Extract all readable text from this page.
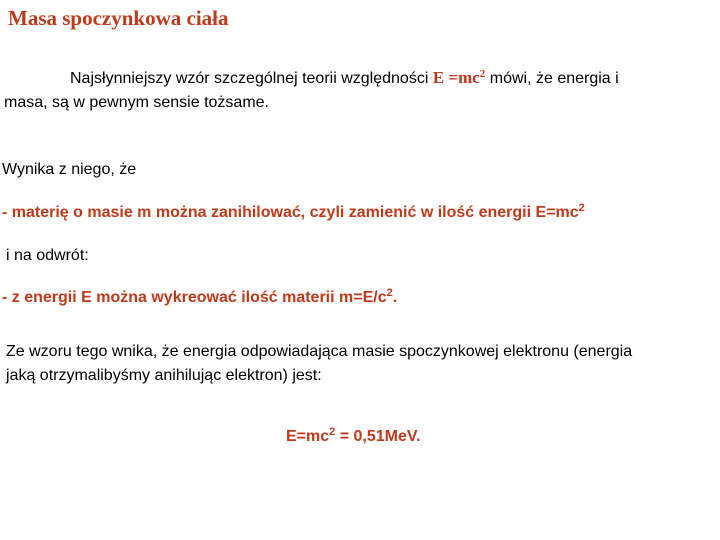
Masa spoczynkowa ciała
Najsłynniejszy wzór szczególnej teorii względności $E =mc^2$ mówi, że energia i
masa, są w pewnym sensie tożsame.
Wynika z niego, że
- materię o masie m można zanihilować, czyli zamienić w ilość energii $E=mc^2$
i na odwrót:
- z energii E można wykreować ilość materii $m=E/c^2$.
Ze wzoru tego wnika, że energia odpowiadająca masie spoczynkowej elektronu (energia
jaką otrzymalibyśmy anihilując elektron) jest:
$E=mc^2 = 0,51MeV$.
